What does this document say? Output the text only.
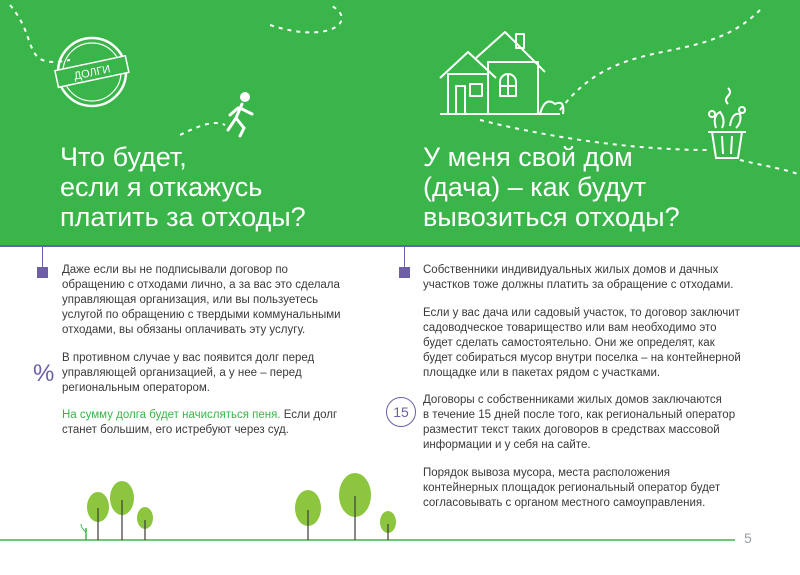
ДОЛГИ
Что будет,
если я откажусь
платить за отходы?
У меня свой дом
(дача) – как будут
вывозиться отходы?

Даже если вы не подписывали договор по
обращению с отходами лично, а за вас это сделала
управляющая организация, или вы пользуетесь
услугой по обращению с твердыми коммунальными
отходами, вы обязаны оплачивать эту услугу.

%

В противном случае у вас появится долг перед
управляющей организацией, а у нее – перед
региональным оператором.

На сумму долга будет начисляться пеня. Если долг
станет большим, его истребуют через суд.

Собственники индивидуальных жилых домов и дачных
участков тоже должны платить за обращение с отходами.

Если у вас дача или садовый участок, то договор заключит
садоводческое товарищество или вам необходимо это
будет сделать самостоятельно. Они же определят, как
будет собираться мусор внутри поселка – на контейнерной
площадке или в пакетах рядом с участками.

15

Договоры с собственниками жилых домов заключаются
в течение 15 дней после того, как региональный оператор
разместит текст таких договоров в средствах массовой
информации и у себя на сайте.

Порядок вывоза мусора, места расположения
контейнерных площадок региональный оператор будет
согласовывать с органом местного самоуправления.

5
